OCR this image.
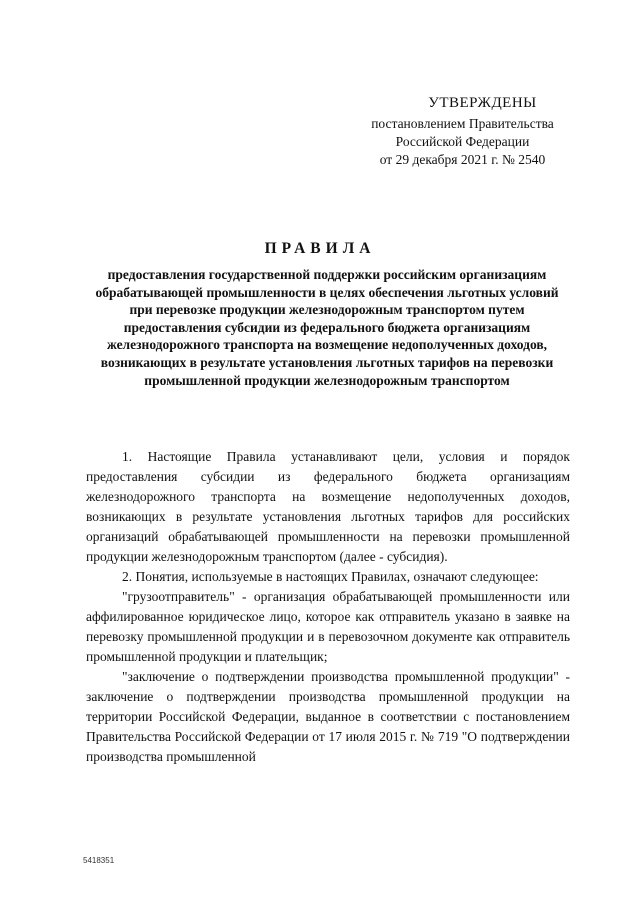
УТВЕРЖДЕНЫ
постановлением Правительства
Российской Федерации
от 29 декабря 2021 г. № 2540
ПРАВИЛА
предоставления государственной поддержки российским организациям обрабатывающей промышленности в целях обеспечения льготных условий при перевозке продукции железнодорожным транспортом путем предоставления субсидии из федерального бюджета организациям железнодорожного транспорта на возмещение недополученных доходов, возникающих в результате установления льготных тарифов на перевозки промышленной продукции железнодорожным транспортом

1. Настоящие Правила устанавливают цели, условия и порядок предоставления субсидии из федерального бюджета организациям железнодорожного транспорта на возмещение недополученных доходов, возникающих в результате установления льготных тарифов для российских организаций обрабатывающей промышленности на перевозки промышленной продукции железнодорожным транспортом (далее - субсидия).

2. Понятия, используемые в настоящих Правилах, означают следующее:

"грузоотправитель" - организация обрабатывающей промышленности или аффилированное юридическое лицо, которое как отправитель указано в заявке на перевозку промышленной продукции и в перевозочном документе как отправитель промышленной продукции и плательщик;

"заключение о подтверждении производства промышленной продукции" - заключение о подтверждении производства промышленной продукции на территории Российской Федерации, выданное в соответствии с постановлением Правительства Российской Федерации от 17 июля 2015 г. № 719 "О подтверждении производства промышленной

5418351
